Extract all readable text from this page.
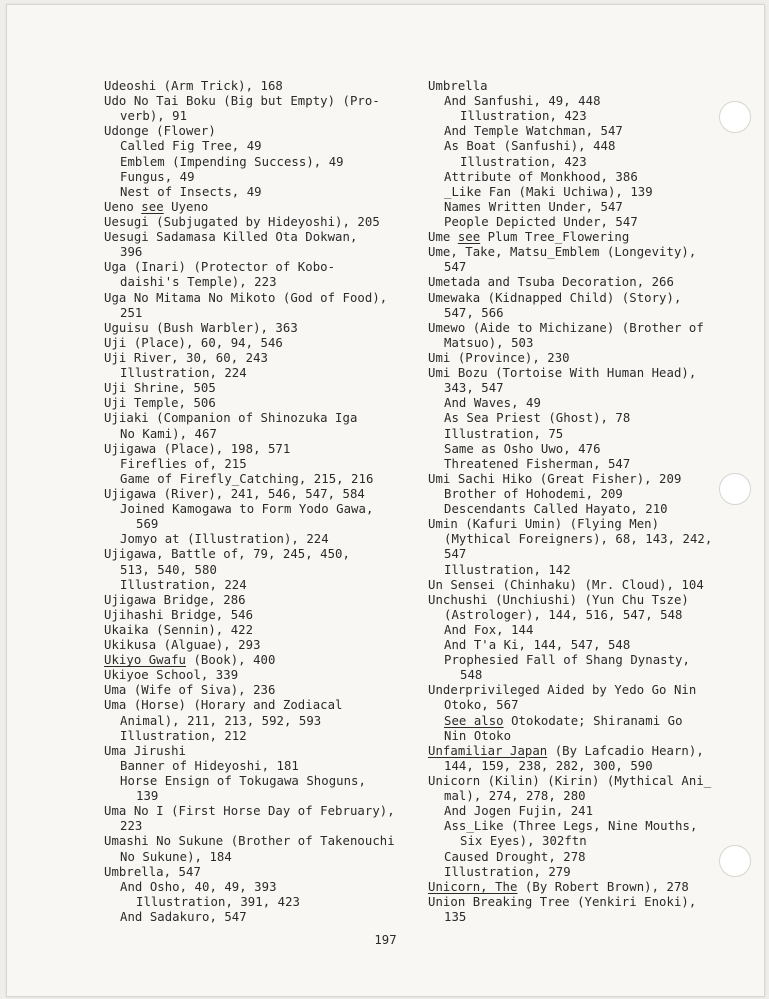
Udeoshi (Arm Trick), 168
Udo No Tai Boku (Big but Empty) (Pro-
verb), 91
Udonge (Flower)
Called Fig Tree, 49
Emblem (Impending Success), 49
Fungus, 49
Nest of Insects, 49
Ueno see Uyeno
Uesugi (Subjugated by Hideyoshi), 205
Uesugi Sadamasa Killed Ota Dokwan,
396
Uga (Inari) (Protector of Kobo-
daishi's Temple), 223
Uga No Mitama No Mikoto (God of Food),
251
Uguisu (Bush Warbler), 363
Uji (Place), 60, 94, 546
Uji River, 30, 60, 243
Illustration, 224
Uji Shrine, 505
Uji Temple, 506
Ujiaki (Companion of Shinozuka Iga
No Kami), 467
Ujigawa (Place), 198, 571
Fireflies of, 215
Game of Firefly_Catching, 215, 216
Ujigawa (River), 241, 546, 547, 584
Joined Kamogawa to Form Yodo Gawa,
569
Jomyo at (Illustration), 224
Ujigawa, Battle of, 79, 245, 450,
513, 540, 580
Illustration, 224
Ujigawa Bridge, 286
Ujihashi Bridge, 546
Ukaika (Sennin), 422
Ukikusa (Alguae), 293
Ukiyo Gwafu (Book), 400
Ukiyoe School, 339
Uma (Wife of Siva), 236
Uma (Horse) (Horary and Zodiacal
Animal), 211, 213, 592, 593
Illustration, 212
Uma Jirushi
Banner of Hideyoshi, 181
Horse Ensign of Tokugawa Shoguns,
139
Uma No I (First Horse Day of February),
223
Umashi No Sukune (Brother of Takenouchi
No Sukune), 184
Umbrella, 547
And Osho, 40, 49, 393
Illustration, 391, 423
And Sadakuro, 547
Umbrella
And Sanfushi, 49, 448
Illustration, 423
And Temple Watchman, 547
As Boat (Sanfushi), 448
Illustration, 423
Attribute of Monkhood, 386
_Like Fan (Maki Uchiwa), 139
Names Written Under, 547
People Depicted Under, 547
Ume see Plum Tree_Flowering
Ume, Take, Matsu_Emblem (Longevity),
547
Umetada and Tsuba Decoration, 266
Umewaka (Kidnapped Child) (Story),
547, 566
Umewo (Aide to Michizane) (Brother of
Matsuo), 503
Umi (Province), 230
Umi Bozu (Tortoise With Human Head),
343, 547
And Waves, 49
As Sea Priest (Ghost), 78
Illustration, 75
Same as Osho Uwo, 476
Threatened Fisherman, 547
Umi Sachi Hiko (Great Fisher), 209
Brother of Hohodemi, 209
Descendants Called Hayato, 210
Umin (Kafuri Umin) (Flying Men)
(Mythical Foreigners), 68, 143, 242,
547
Illustration, 142
Un Sensei (Chinhaku) (Mr. Cloud), 104
Unchushi (Unchiushi) (Yun Chu Tsze)
(Astrologer), 144, 516, 547, 548
And Fox, 144
And T'a Ki, 144, 547, 548
Prophesied Fall of Shang Dynasty,
548
Underprivileged Aided by Yedo Go Nin
Otoko, 567
See also Otokodate; Shiranami Go
Nin Otoko
Unfamiliar Japan (By Lafcadio Hearn),
144, 159, 238, 282, 300, 590
Unicorn (Kilin) (Kirin) (Mythical Ani_
mal), 274, 278, 280
And Jogen Fujin, 241
Ass_Like (Three Legs, Nine Mouths,
Six Eyes), 302ftn
Caused Drought, 278
Illustration, 279
Unicorn, The (By Robert Brown), 278
Union Breaking Tree (Yenkiri Enoki),
135
197
